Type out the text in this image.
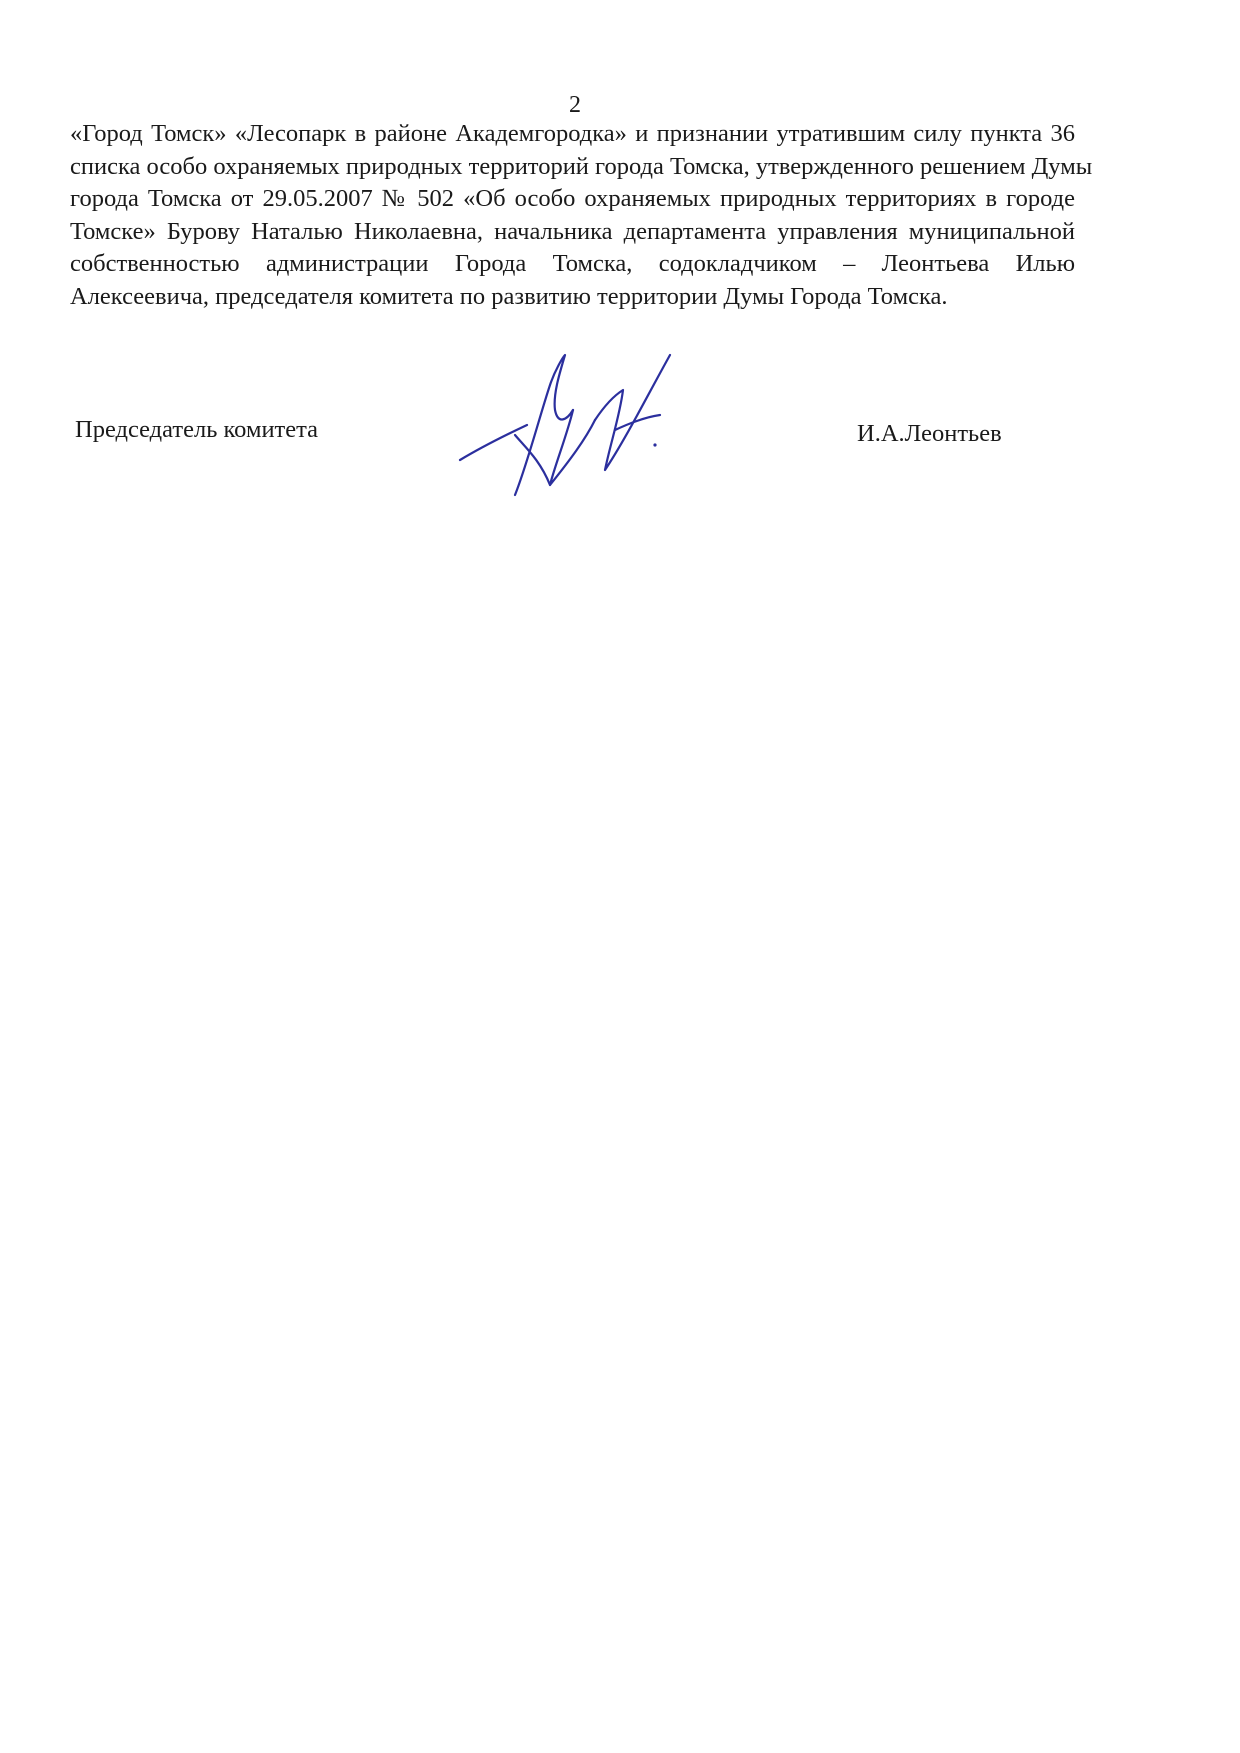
2
«Город Томск» «Лесопарк в районе Академгородка» и признании утратившим силу пункта 36
списка особо охраняемых природных территорий города Томска, утвержденного решением Думы
города Томска от 29.05.2007 № 502 «Об особо охраняемых природных территориях в городе
Томске» Бурову Наталью Николаевна, начальника департамента управления муниципальной
собственностью администрации Города Томска, содокладчиком – Леонтьева Илью
Алексеевича, председателя комитета по развитию территории Думы Города Томска.
Председатель комитета	И.А.Леонтьев
